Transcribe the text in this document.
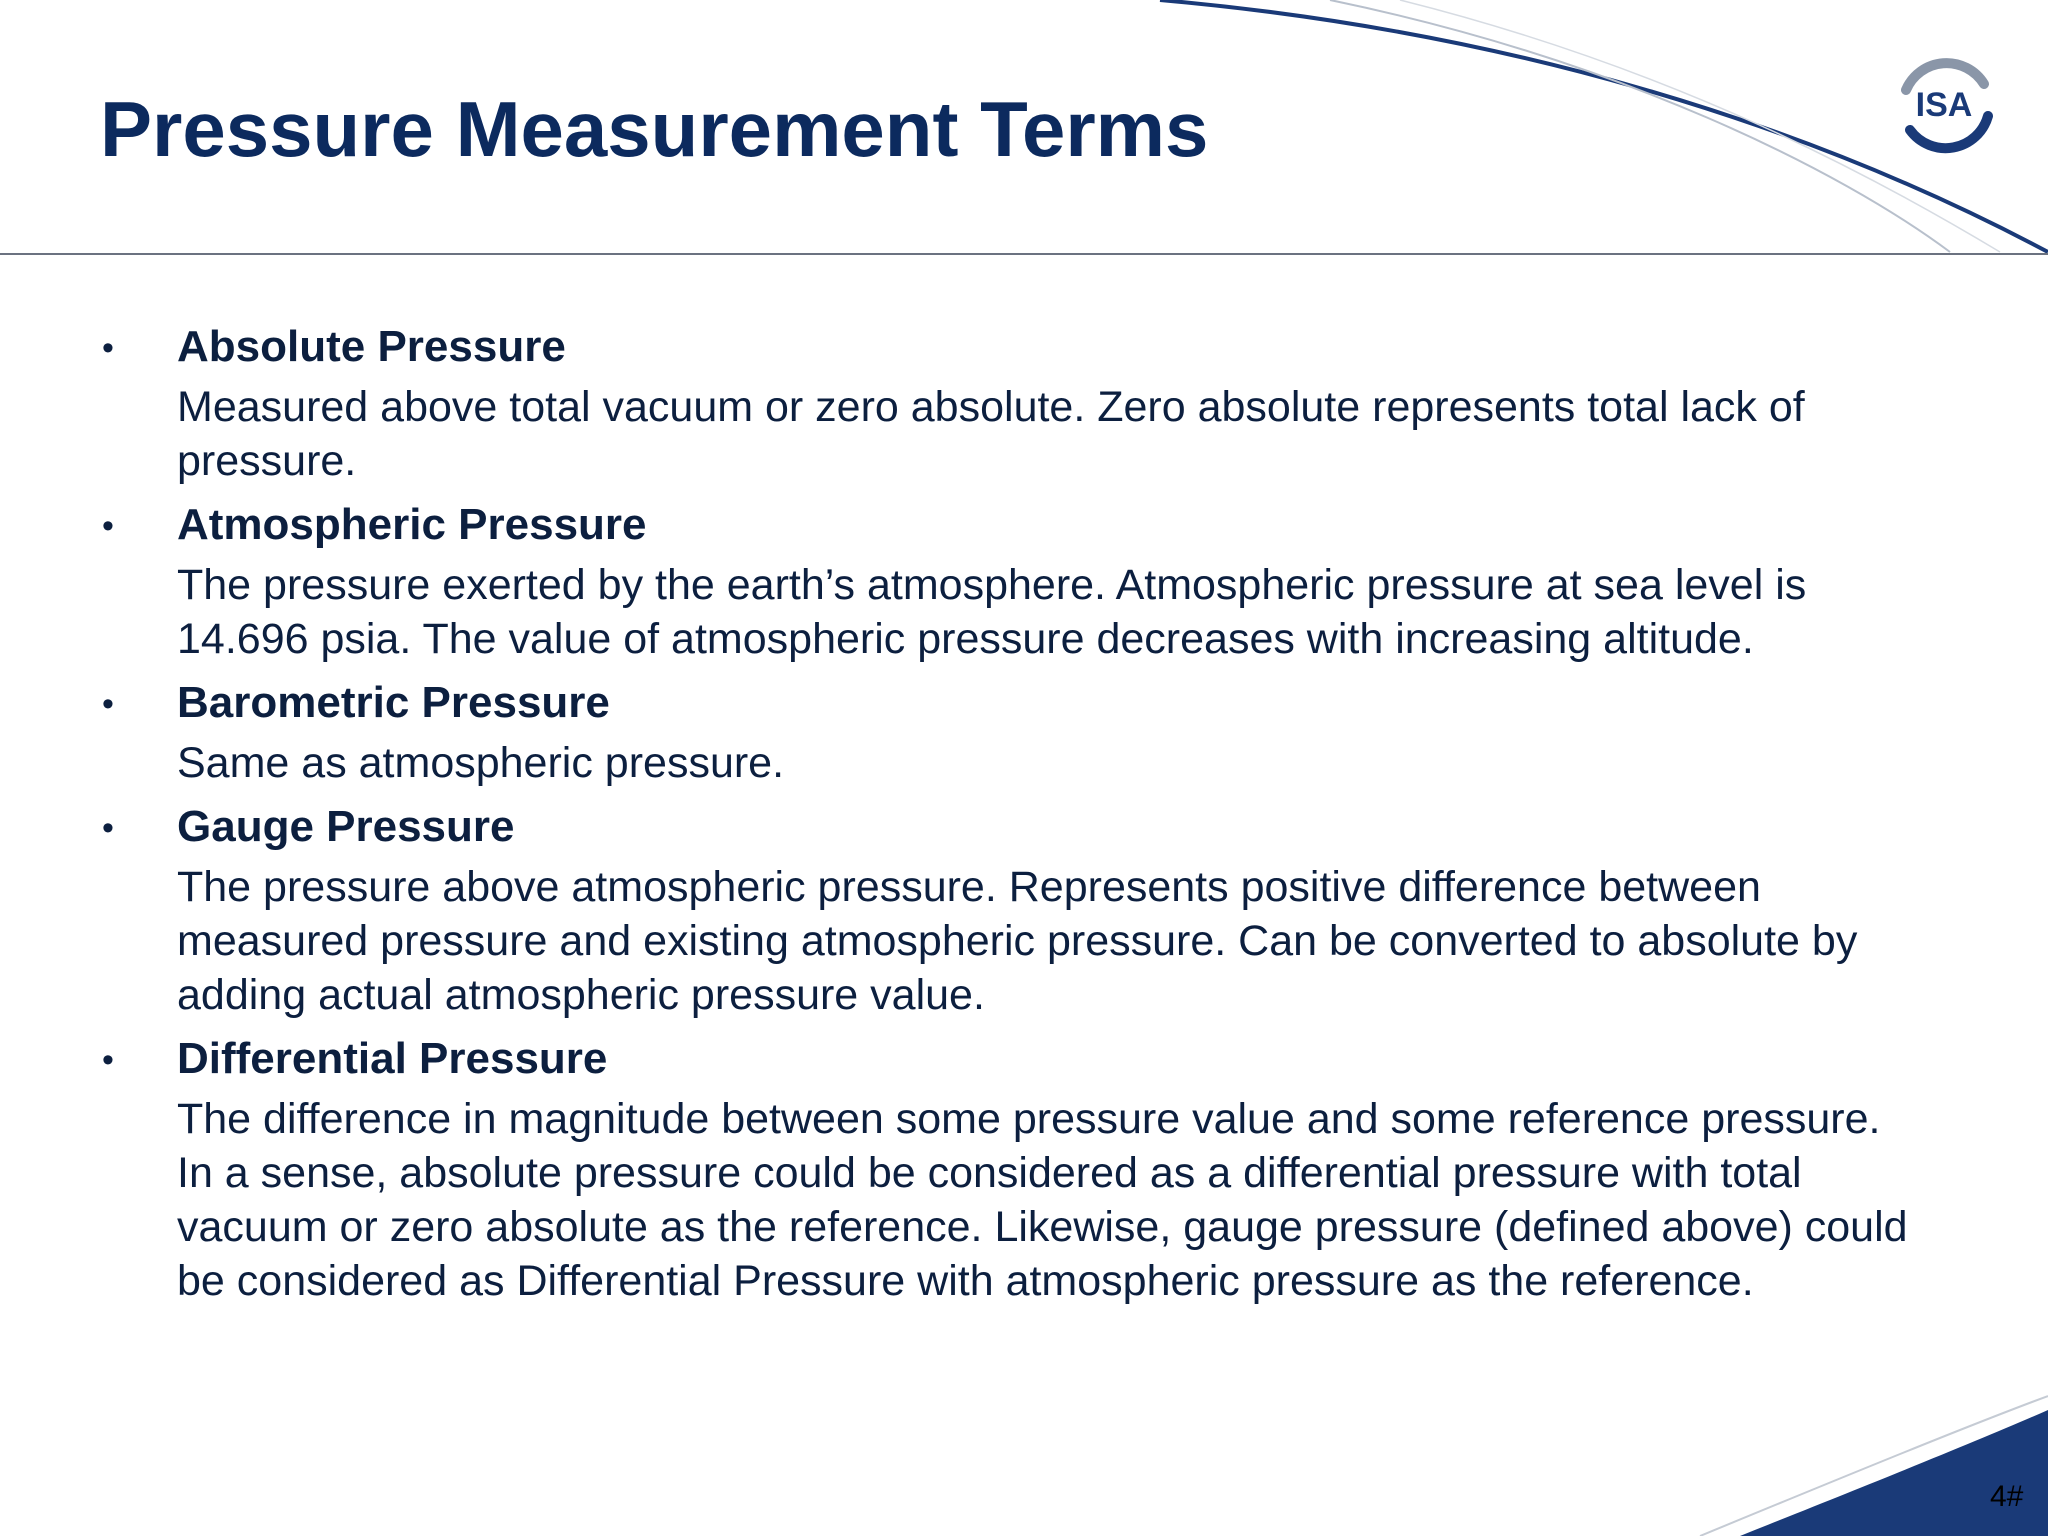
Pressure Measurement Terms	ISA
• Absolute Pressure

Measured above total vacuum or zero absolute. Zero absolute represents total lack of pressure.

• Atmospheric Pressure

The pressure exerted by the earth’s atmosphere. Atmospheric pressure at sea level is 14.696 psia. The value of atmospheric pressure decreases with increasing altitude.

• Barometric Pressure

Same as atmospheric pressure.

• Gauge Pressure

The pressure above atmospheric pressure. Represents positive difference between measured pressure and existing atmospheric pressure. Can be converted to absolute by adding actual atmospheric pressure value.

• Differential Pressure

The difference in magnitude between some pressure value and some reference pressure. In a sense, absolute pressure could be considered as a differential pressure with total vacuum or zero absolute as the reference. Likewise, gauge pressure (defined above) could be considered as Differential Pressure with atmospheric pressure as the reference.

4#
